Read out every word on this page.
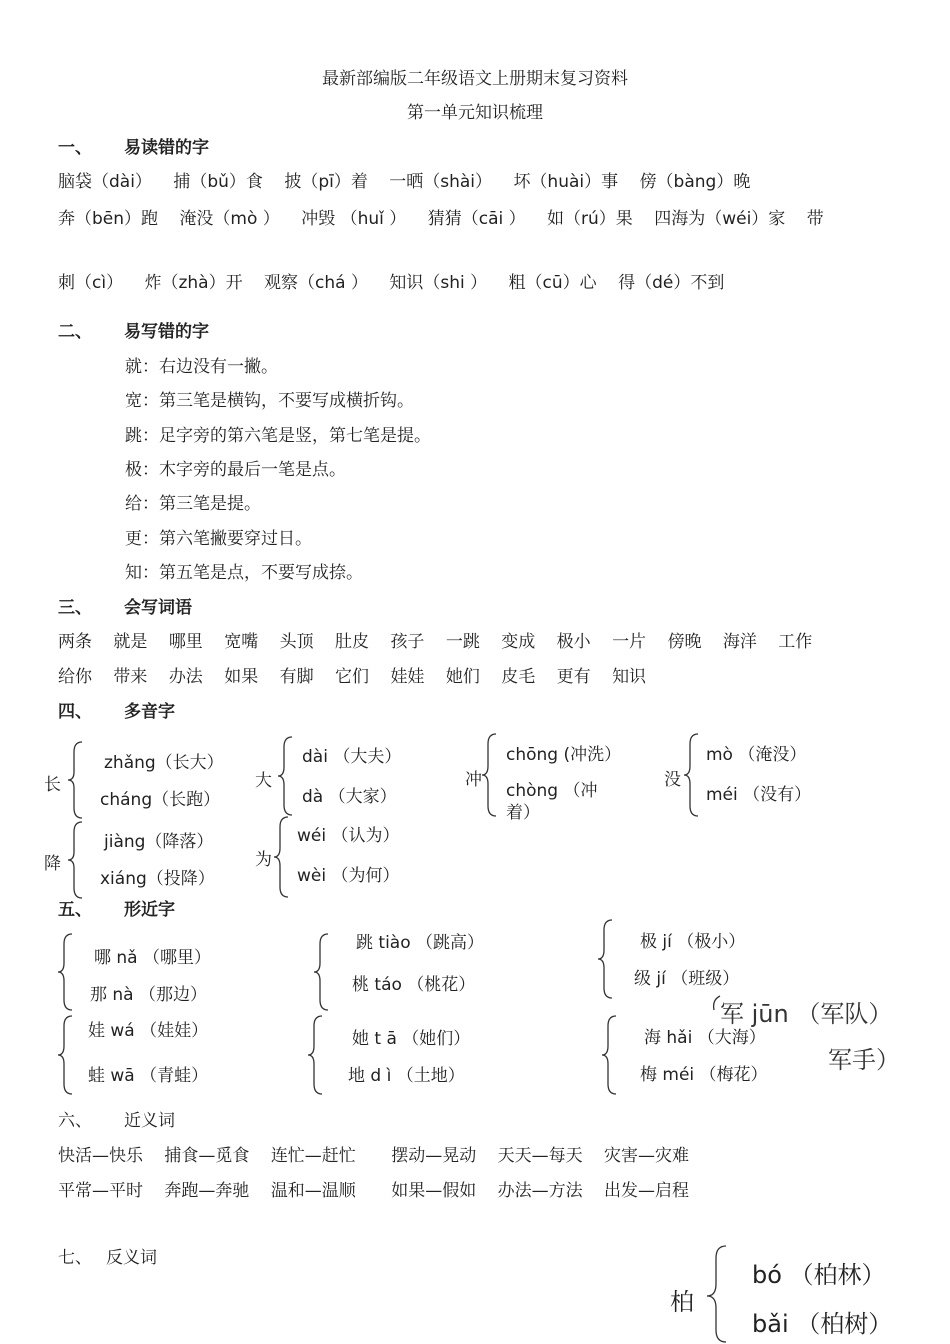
最新部编版二年级语文上册期末复习资料
第一单元知识梳理
一、 易读错的字
脑袋（dài） 捕（bǔ）食 披（pī）着 一晒（shài） 坏（huài）事 傍（bàng）晚
奔（bēn）跑 淹没（mò ） 冲毁 （huǐ ） 猜猜（cāi ） 如（rú）果 四海为（wéi）家 带
刺（cì） 炸（zhà）开 观察（chá ） 知识（shi ） 粗（cū）心 得（dé）不到
二、 易写错的字
就：右边没有一撇。
宽：第三笔是横钩，不要写成横折钩。
跳：足字旁的第六笔是竖，第七笔是提。
极：木字旁的最后一笔是点。
给：第三笔是提。
更：第六笔撇要穿过日。
知：第五笔是点，不要写成捺。
三、 会写词语
两条 就是 哪里 宽嘴 头顶 肚皮 孩子 一跳 变成 极小 一片 傍晚 海洋 工作
给你 带来 办法 如果 有脚 它们 娃娃 她们 皮毛 更有 知识
四、 多音字
长
zhǎng（长大）
cháng（长跑）
降
jiàng（降落）
xiáng（投降）
大
dài （大夫）
dà （大家）
为
wéi （认为）
wèi （为何）
冲
chōng (冲洗）
chòng （冲着）
没
mò （淹没）
méi （没有）
五、 形近字
哪 nǎ （哪里）
那 nà （那边）
娃 wá （娃娃）
蛙 wā （青蛙）
跳 tiào （跳高）
桃 táo （桃花）
她 t ā （她们）
地 d ì （土地）
极 jí （极小）
级 jí （班级）
海 hǎi （大海）
梅 méi （梅花）
军 jūn （军队）
军手）
六、 近义词
快活—快乐 捕食—觅食 连忙—赶忙 摆动—晃动 天天—每天 灾害—灾难
平常—平时 奔跑—奔驰 温和—温顺 如果—假如 办法—方法 出发—启程
七、 反义词
柏
bó （柏林）
bǎi （柏树）
